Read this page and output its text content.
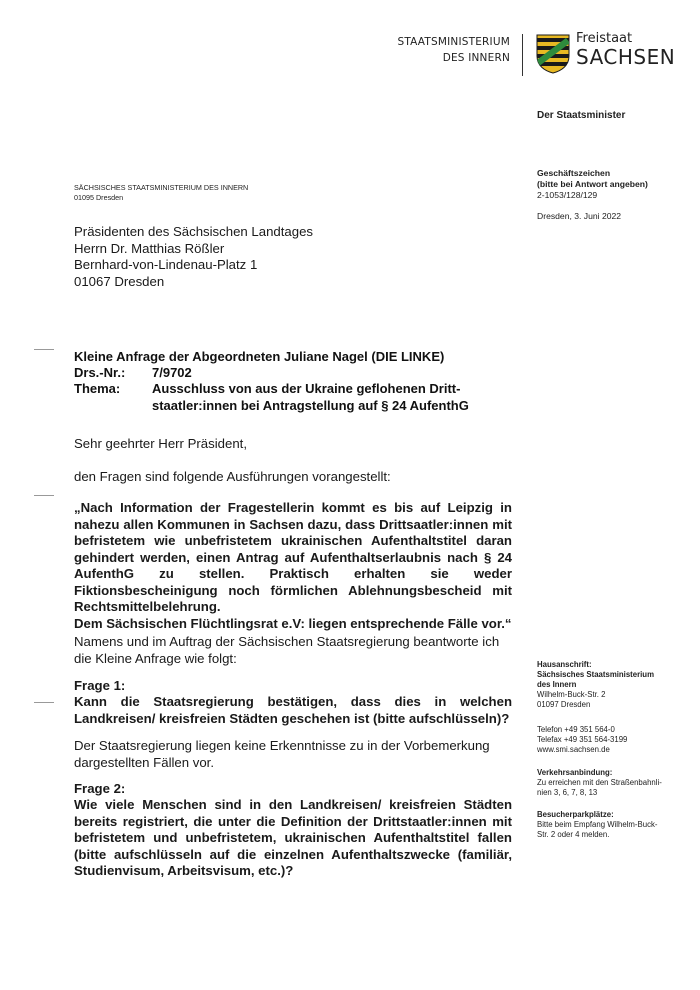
STAATSMINISTERIUM
DES INNERN
Freistaat
SACHSEN
Der Staatsminister
Geschäftszeichen
(bitte bei Antwort angeben)
2-1053/128/129
Dresden, 3. Juni 2022
SÄCHSISCHES STAATSMINISTERIUM DES INNERN
01095 Dresden
Präsidenten des Sächsischen Landtages
Herrn Dr. Matthias Rößler
Bernhard-von-Lindenau-Platz 1
01067 Dresden
Kleine Anfrage der Abgeordneten Juliane Nagel (DIE LINKE)
Drs.-Nr.:	7/9702
Thema:	Ausschluss von aus der Ukraine geflohenen Dritt-
staatler:innen bei Antragstellung auf § 24 AufenthG
Sehr geehrter Herr Präsident,
den Fragen sind folgende Ausführungen vorangestellt:
„Nach Information der Fragestellerin kommt es bis auf Leipzig in nahezu allen Kommunen in Sachsen dazu, dass Drittsaatler:innen mit befristetem wie unbefristetem ukrainischen Aufenthaltstitel daran gehindert werden, einen Antrag auf Aufenthaltserlaubnis nach § 24 AufenthG zu stellen. Praktisch erhalten sie weder Fiktionsbescheinigung noch förmlichen Ablehnungsbescheid mit Rechtsmittelbelehrung.
Dem Sächsischen Flüchtlingsrat e.V: liegen entsprechende Fälle vor.“
Namens und im Auftrag der Sächsischen Staatsregierung beantworte ich die Kleine Anfrage wie folgt:
Frage 1:
Kann die Staatsregierung bestätigen, dass dies in welchen Landkreisen/ kreisfreien Städten geschehen ist (bitte aufschlüsseln)?
Der Staatsregierung liegen keine Erkenntnisse zu in der Vorbemerkung dargestellten Fällen vor.
Frage 2:
Wie viele Menschen sind in den Landkreisen/ kreisfreien Städten bereits registriert, die unter die Definition der Drittstaatler:innen mit befristetem und unbefristetem, ukrainischen Aufenthaltstitel fallen (bitte aufschlüsseln auf die einzelnen Aufenthaltszwecke (familiär, Studienvisum, Arbeitsvisum, etc.)?
Hausanschrift:
Sächsisches Staatsministerium
des Innern
Wilhelm-Buck-Str. 2
01097 Dresden
Telefon +49 351 564-0
Telefax +49 351 564-3199
www.smi.sachsen.de
Verkehrsanbindung:
Zu erreichen mit den Straßenbahnli-
nien 3, 6, 7, 8, 13
Besucherparkplätze:
Bitte beim Empfang Wilhelm-Buck-
Str. 2 oder 4 melden.
